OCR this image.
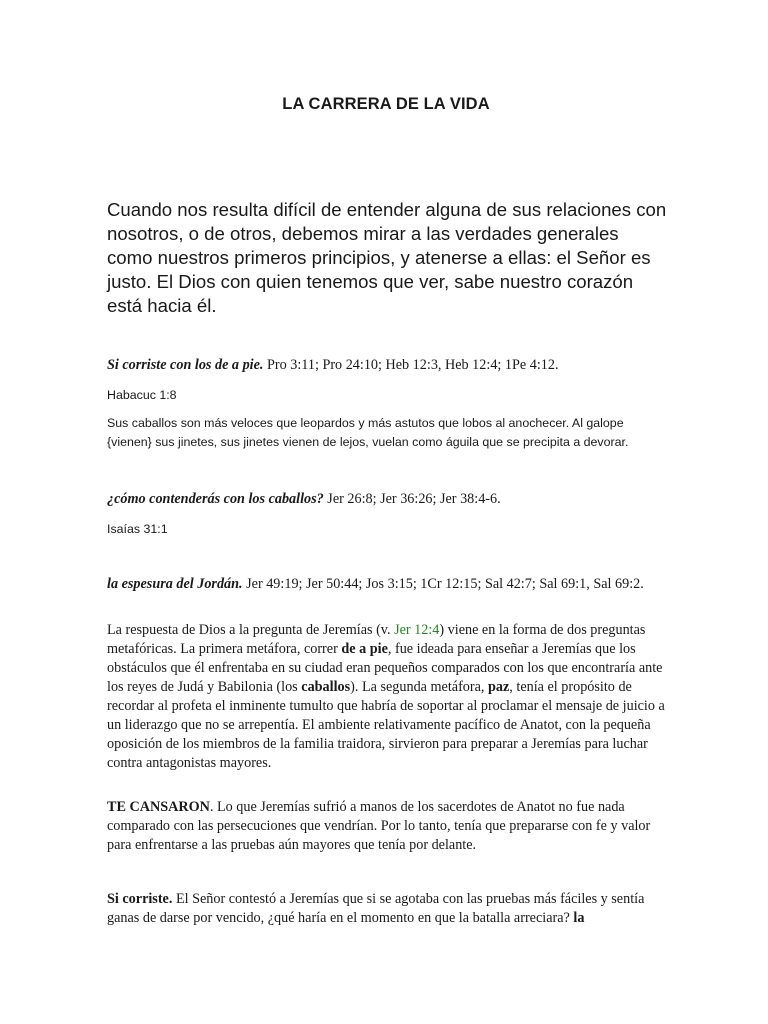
LA CARRERA DE LA VIDA

Cuando nos resulta difícil de entender alguna de sus relaciones con nosotros, o de otros, debemos mirar a las verdades generales como nuestros primeros principios, y atenerse a ellas: el Señor es justo. El Dios con quien tenemos que ver, sabe nuestro corazón está hacia él.

Si corriste con los de a pie. Pro 3:11; Pro 24:10; Heb 12:3, Heb 12:4; 1Pe 4:12.

Habacuc 1:8

Sus caballos son más veloces que leopardos y más astutos que lobos al anochecer. Al galope {vienen} sus jinetes, sus jinetes vienen de lejos, vuelan como águila que se precipita a devorar.

¿cómo contenderás con los caballos? Jer 26:8; Jer 36:26; Jer 38:4-6.

Isaías 31:1

la espesura del Jordán. Jer 49:19; Jer 50:44; Jos 3:15; 1Cr 12:15; Sal 42:7; Sal 69:1, Sal 69:2.

La respuesta de Dios a la pregunta de Jeremías (v. Jer 12:4) viene en la forma de dos preguntas metafóricas. La primera metáfora, correr de a pie, fue ideada para enseñar a Jeremías que los obstáculos que él enfrentaba en su ciudad eran pequeños comparados con los que encontraría ante los reyes de Judá y Babilonia (los caballos). La segunda metáfora, paz, tenía el propósito de recordar al profeta el inminente tumulto que habría de soportar al proclamar el mensaje de juicio a un liderazgo que no se arrepentía. El ambiente relativamente pacífico de Anatot, con la pequeña oposición de los miembros de la familia traidora, sirvieron para preparar a Jeremías para luchar contra antagonistas mayores.

TE CANSARON. Lo que Jeremías sufrió a manos de los sacerdotes de Anatot no fue nada comparado con las persecuciones que vendrían. Por lo tanto, tenía que prepararse con fe y valor para enfrentarse a las pruebas aún mayores que tenía por delante.

Si corriste. El Señor contestó a Jeremías que si se agotaba con las pruebas más fáciles y sentía ganas de darse por vencido, ¿qué haría en el momento en que la batalla arreciara? la
